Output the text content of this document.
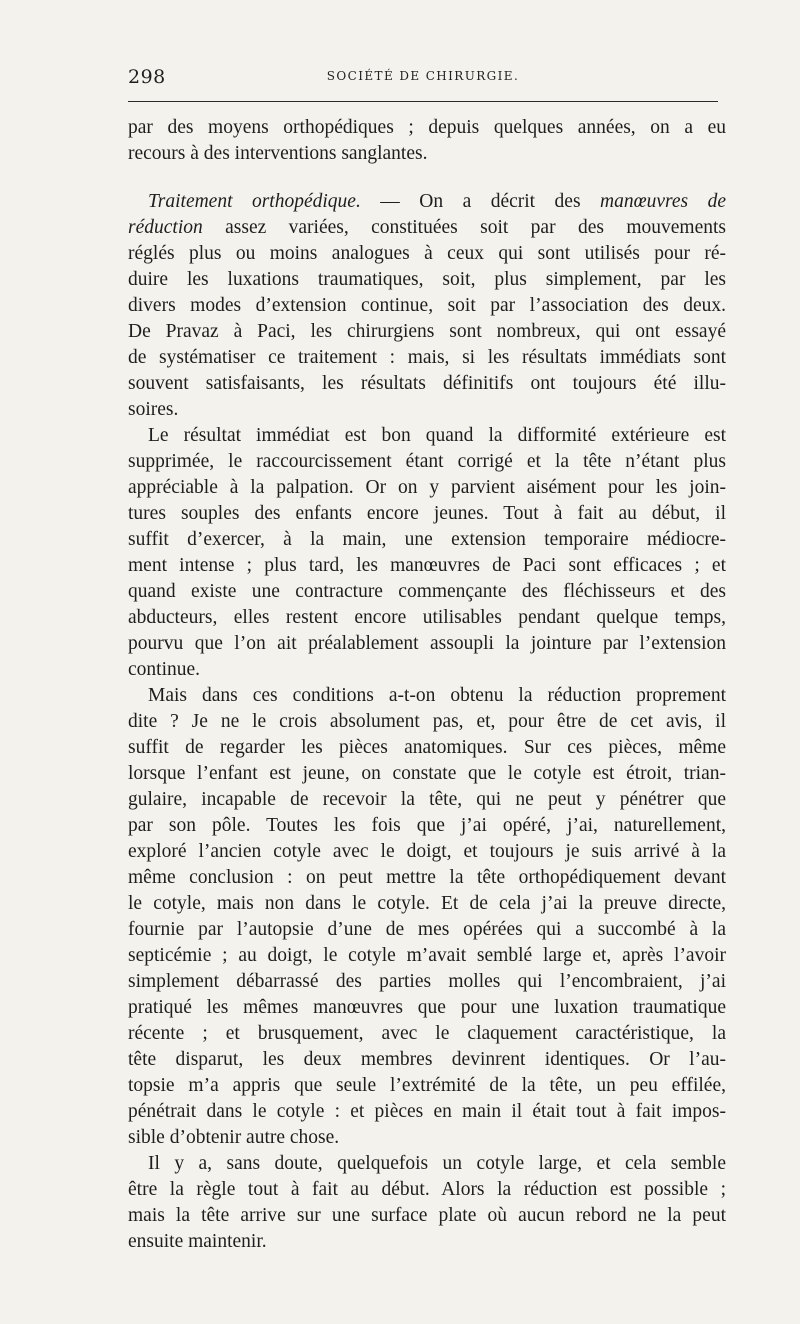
298	SOCIÉTÉ DE CHIRURGIE.
par des moyens orthopédiques ; depuis quelques années, on a eu
recours à des interventions sanglantes.
Traitement orthopédique. — On a décrit des manœuvres de
réduction assez variées, constituées soit par des mouvements
réglés plus ou moins analogues à ceux qui sont utilisés pour ré-
duire les luxations traumatiques, soit, plus simplement, par les
divers modes d’extension continue, soit par l’association des deux.
De Pravaz à Paci, les chirurgiens sont nombreux, qui ont essayé
de systématiser ce traitement : mais, si les résultats immédiats sont
souvent satisfaisants, les résultats définitifs ont toujours été illu-
soires.
Le résultat immédiat est bon quand la difformité extérieure est
supprimée, le raccourcissement étant corrigé et la tête n’étant plus
appréciable à la palpation. Or on y parvient aisément pour les join-
tures souples des enfants encore jeunes. Tout à fait au début, il
suffit d’exercer, à la main, une extension temporaire médiocre-
ment intense ; plus tard, les manœuvres de Paci sont efficaces ; et
quand existe une contracture commençante des fléchisseurs et des
abducteurs, elles restent encore utilisables pendant quelque temps,
pourvu que l’on ait préalablement assoupli la jointure par l’extension
continue.
Mais dans ces conditions a-t-on obtenu la réduction proprement
dite ? Je ne le crois absolument pas, et, pour être de cet avis, il
suffit de regarder les pièces anatomiques. Sur ces pièces, même
lorsque l’enfant est jeune, on constate que le cotyle est étroit, trian-
gulaire, incapable de recevoir la tête, qui ne peut y pénétrer que
par son pôle. Toutes les fois que j’ai opéré, j’ai, naturellement,
exploré l’ancien cotyle avec le doigt, et toujours je suis arrivé à la
même conclusion : on peut mettre la tête orthopédiquement devant
le cotyle, mais non dans le cotyle. Et de cela j’ai la preuve directe,
fournie par l’autopsie d’une de mes opérées qui a succombé à la
septicémie ; au doigt, le cotyle m’avait semblé large et, après l’avoir
simplement débarrassé des parties molles qui l’encombraient, j’ai
pratiqué les mêmes manœuvres que pour une luxation traumatique
récente ; et brusquement, avec le claquement caractéristique, la
tête disparut, les deux membres devinrent identiques. Or l’au-
topsie m’a appris que seule l’extrémité de la tête, un peu effilée,
pénétrait dans le cotyle : et pièces en main il était tout à fait impos-
sible d’obtenir autre chose.
Il y a, sans doute, quelquefois un cotyle large, et cela semble
être la règle tout à fait au début. Alors la réduction est possible ;
mais la tête arrive sur une surface plate où aucun rebord ne la peut
ensuite maintenir.
